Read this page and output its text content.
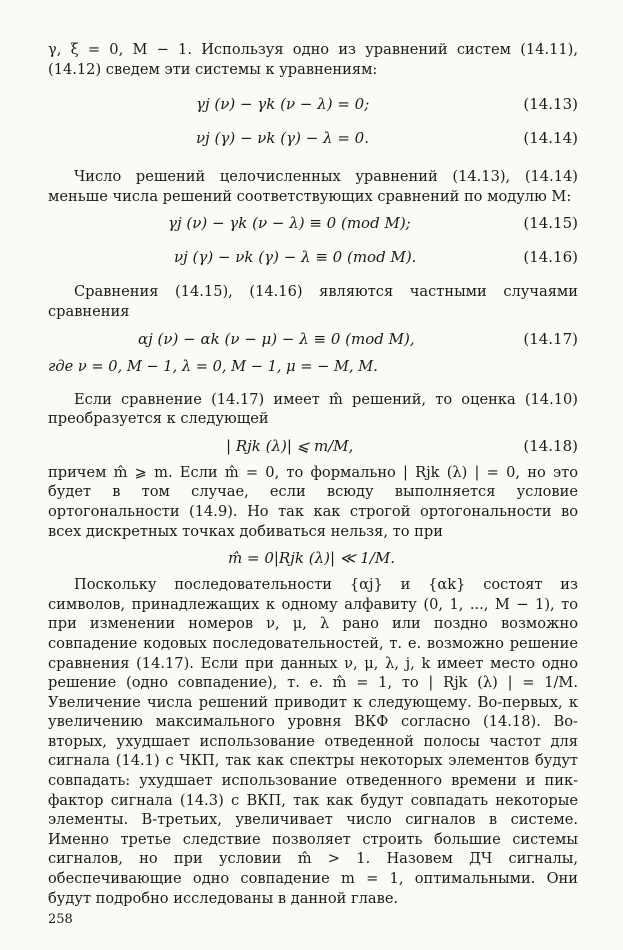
γ, ξ = 0, M − 1. Используя одно из уравнений систем (14.11), (14.12) сведем эти системы к уравнениям:

γj (ν) − γk (ν − λ) = 0;	(14.13)
νj (γ) − νk (γ) − λ = 0.	(14.14)

Число решений целочисленных уравнений (14.13), (14.14) меньше числа решений соответствующих сравнений по модулю M:

γj (ν) − γk (ν − λ) ≡ 0 (mod M);	(14.15)
νj (γ) − νk (γ) − λ ≡ 0 (mod M).	(14.16)

Сравнения (14.15), (14.16) являются частными случаями сравнения

αj (ν) − αk (ν − μ) − λ ≡ 0 (mod M),	(14.17)
где ν = 0, M − 1, λ = 0, M − 1, μ = − M, M.

Если сравнение (14.17) имеет m̂ решений, то оценка (14.10) преобразуется к следующей

| Rjk (λ)| ⩽ m/M,	(14.18)

причем m̂ ⩾ m. Если m̂ = 0, то формально | Rjk (λ) | = 0, но это будет в том случае, если всюду выполняется условие ортогональности (14.9). Но так как строгой ортогональности во всех дискретных точках добиваться нельзя, то при

m̂ = 0|Rjk (λ)| ≪ 1/M.

Поскольку последовательности {αj} и {αk} состоят из символов, принадлежащих к одному алфавиту (0, 1, ..., M − 1), то при изменении номеров ν, μ, λ рано или поздно возможно совпадение кодовых последовательностей, т. е. возможно решение сравнения (14.17). Если при данных ν, μ, λ, j, k имеет место одно решение (одно совпадение), т. е. m̂ = 1, то | Rjk (λ) | = 1/M. Увеличение числа решений приводит к следующему. Во-первых, к увеличению максимального уровня ВКФ согласно (14.18). Во-вторых, ухудшает использование отведенной полосы частот для сигнала (14.1) с ЧКП, так как спектры некоторых элементов будут совпадать: ухудшает использование отведенного времени и пик-фактор сигнала (14.3) с ВКП, так как будут совпадать некоторые элементы. В-третьих, увеличивает число сигналов в системе. Именно третье следствие позволяет строить большие системы сигналов, но при условии m̂ > 1. Назовем ДЧ сигналы, обеспечивающие одно совпадение m = 1, оптимальными. Они будут подробно исследованы в данной главе.

258
